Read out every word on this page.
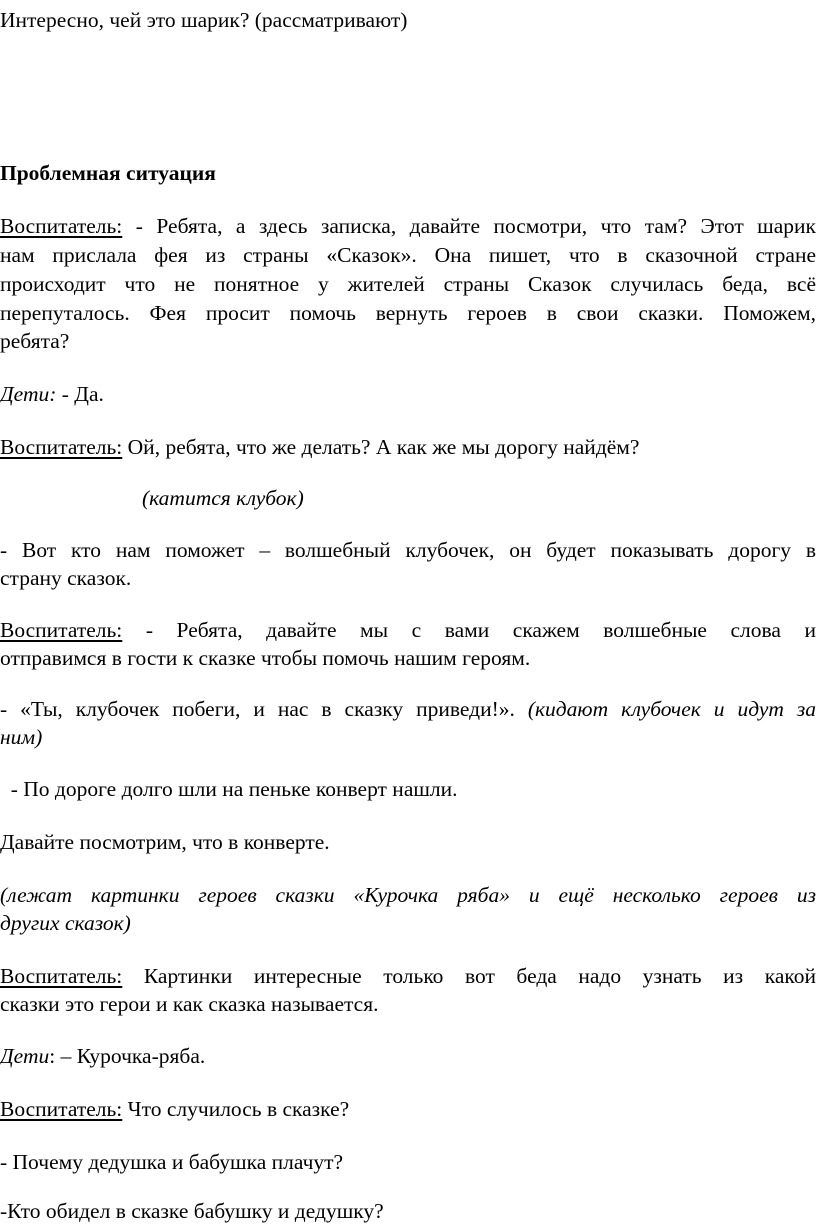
Интересно, чей это шарик? (рассматривают)
Проблемная ситуация
Воспитатель: - Ребята, а здесь записка, давайте посмотри, что там? Этот шарик
нам прислала фея из страны «Сказок». Она пишет, что в сказочной стране
происходит что не понятное у жителей страны Сказок случилась беда, всё
перепуталось. Фея просит помочь вернуть героев в свои сказки. Поможем,
ребята?
Дети: - Да.
Воспитатель: Ой, ребята, что же делать? А как же мы дорогу найдём?
(катится клубок)
- Вот кто нам поможет – волшебный клубочек, он будет показывать дорогу в
страну сказок.
Воспитатель: - Ребята, давайте мы с вами скажем волшебные слова и
отправимся в гости к сказке чтобы помочь нашим героям.
- «Ты, клубочек побеги, и нас в сказку приведи!». (кидают клубочек и идут за
ним)
- По дороге долго шли на пеньке конверт нашли.
Давайте посмотрим, что в конверте.
(лежат картинки героев сказки «Курочка ряба» и ещё несколько героев из
других сказок)
Воспитатель: Картинки интересные только вот беда надо узнать из какой
сказки это герои и как сказка называется.
Дети: – Курочка-ряба.
Воспитатель: Что случилось в сказке?
- Почему дедушка и бабушка плачут?
-Кто обидел в сказке бабушку и дедушку?
